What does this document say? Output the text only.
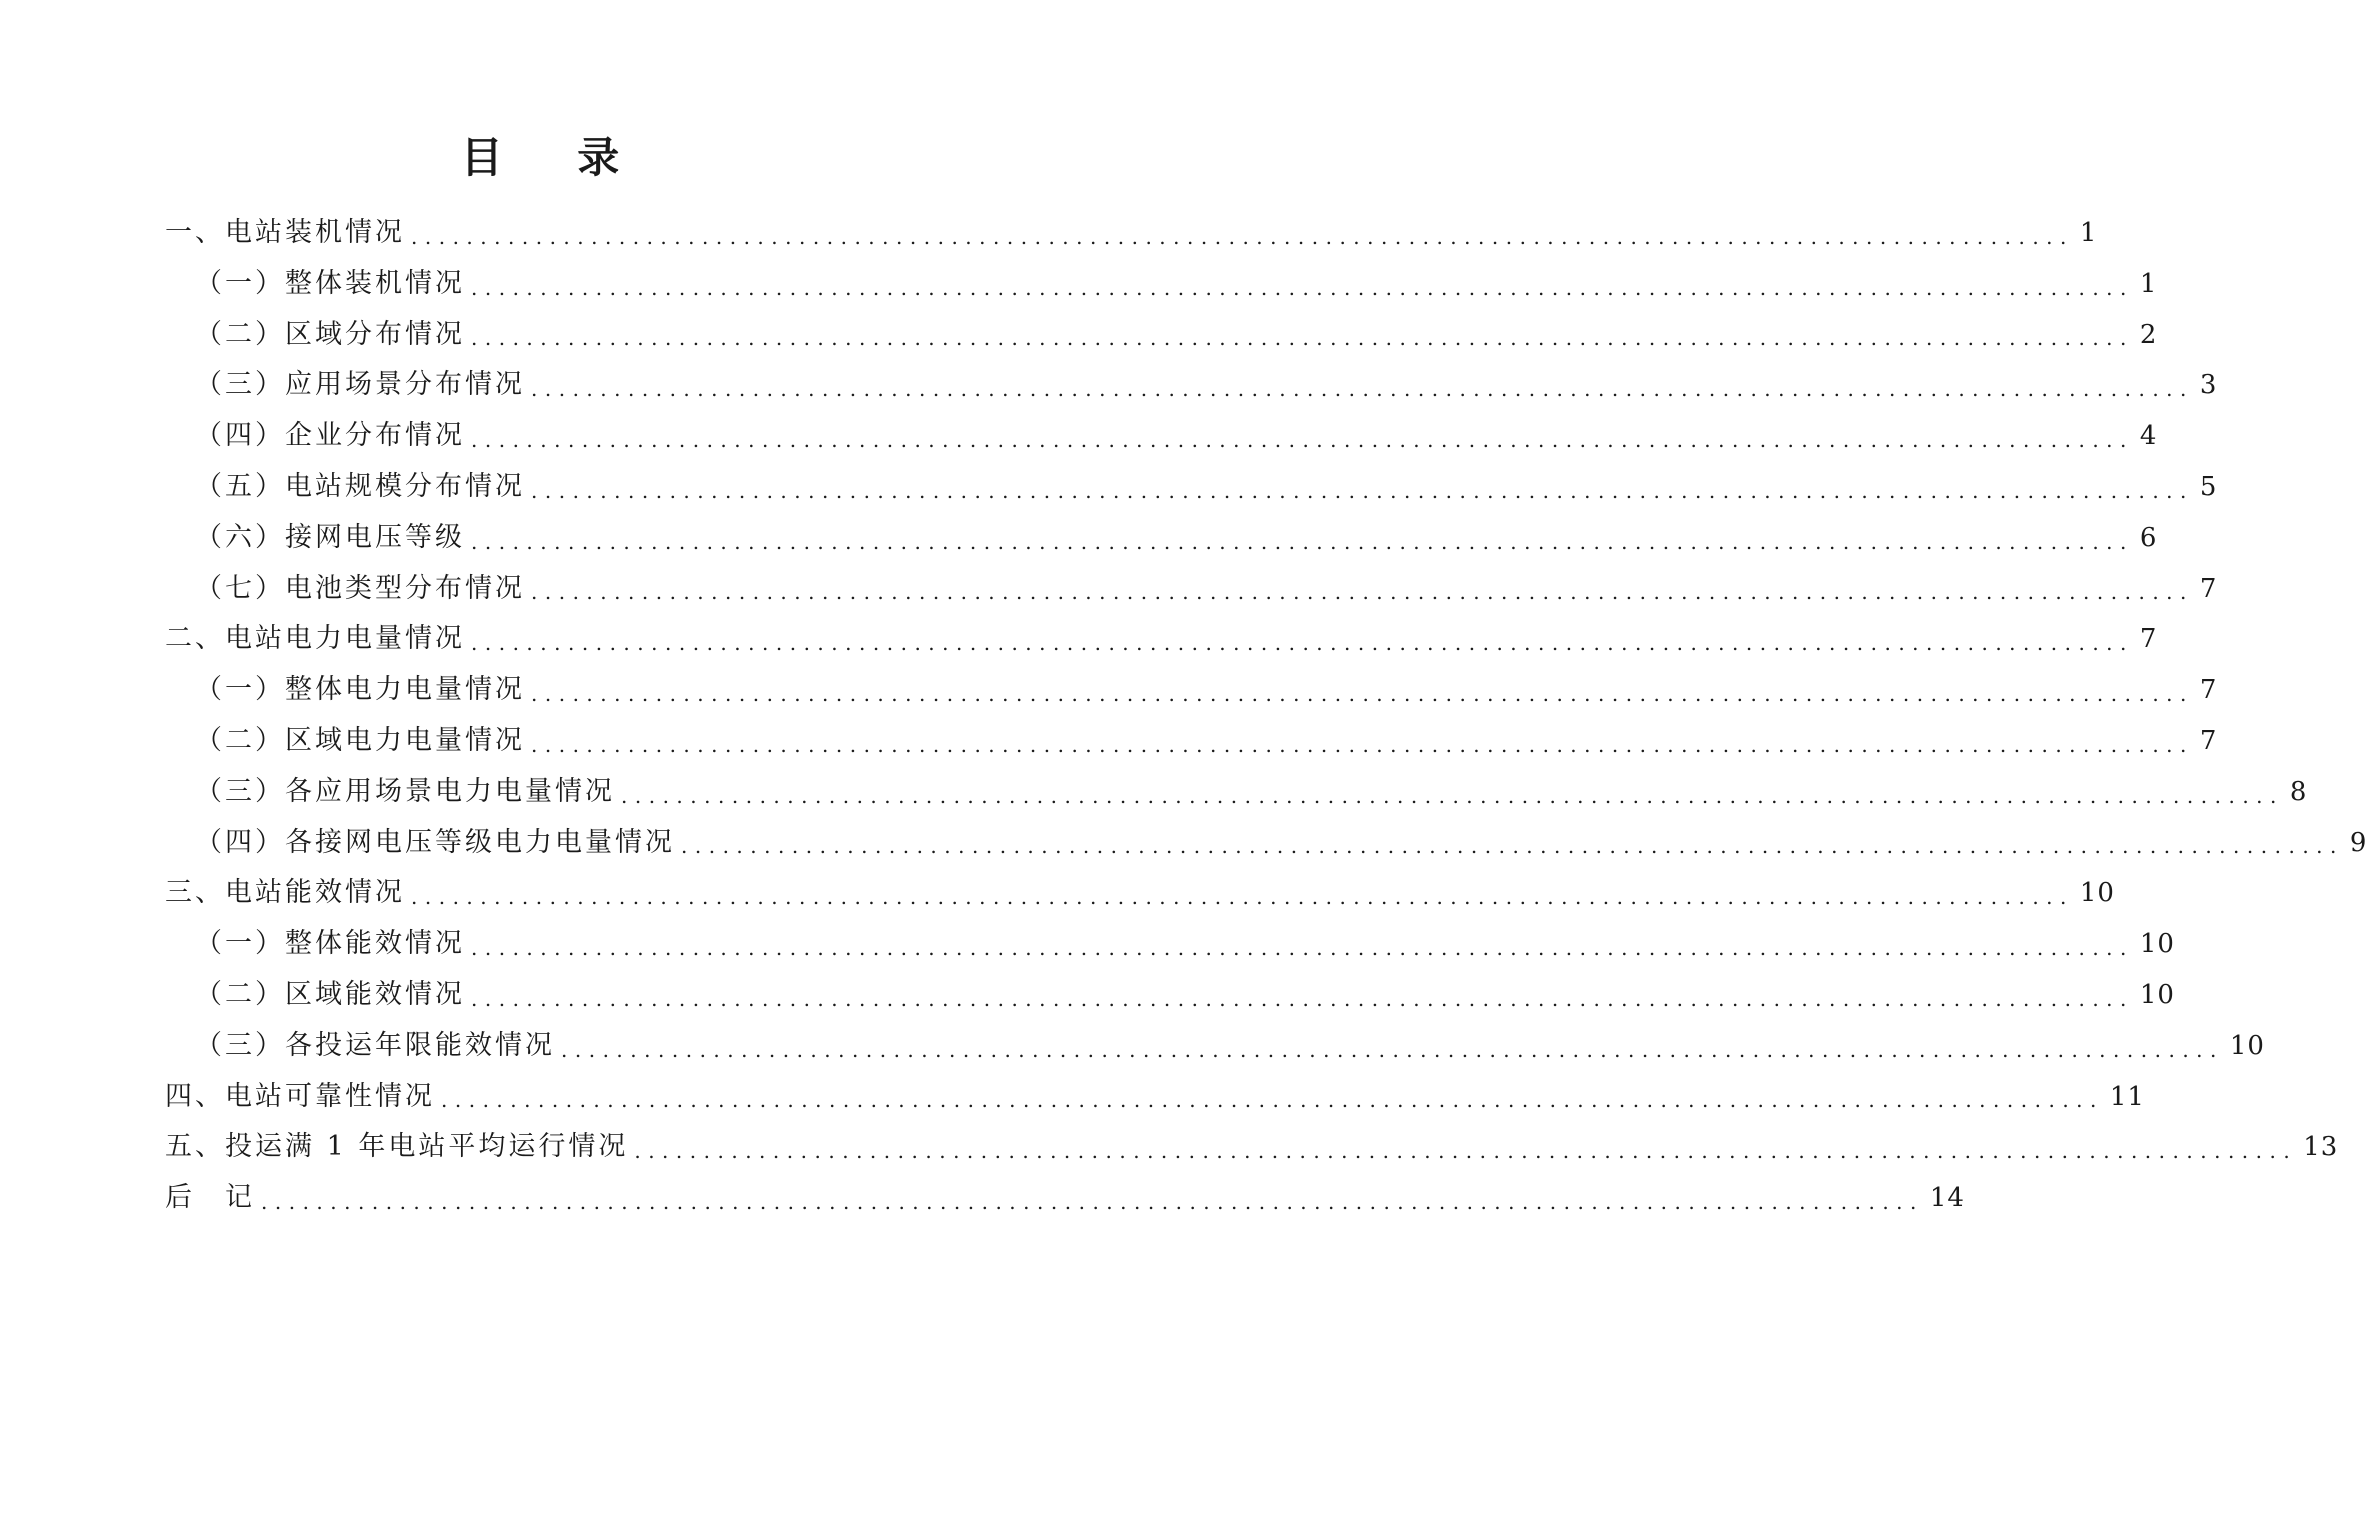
目 录
一、电站装机情况 ........................................................................................................................ 1
（一）整体装机情况 ........................................................................................................................ 1
（二）区域分布情况 ........................................................................................................................ 2
（三）应用场景分布情况 ........................................................................................................................ 3
（四）企业分布情况 ........................................................................................................................ 4
（五）电站规模分布情况 ........................................................................................................................ 5
（六）接网电压等级 ........................................................................................................................ 6
（七）电池类型分布情况 ........................................................................................................................ 7
二、电站电力电量情况 ........................................................................................................................ 7
（一）整体电力电量情况 ........................................................................................................................ 7
（二）区域电力电量情况 ........................................................................................................................ 7
（三）各应用场景电力电量情况 ........................................................................................................................ 8
（四）各接网电压等级电力电量情况 ........................................................................................................................ 9
三、电站能效情况 ........................................................................................................................ 10
（一）整体能效情况 ........................................................................................................................ 10
（二）区域能效情况 ........................................................................................................................ 10
（三）各投运年限能效情况 ........................................................................................................................ 10
四、电站可靠性情况 ........................................................................................................................ 11
五、投运满 1 年电站平均运行情况 ........................................................................................................................ 13
后　记 ........................................................................................................................ 14
